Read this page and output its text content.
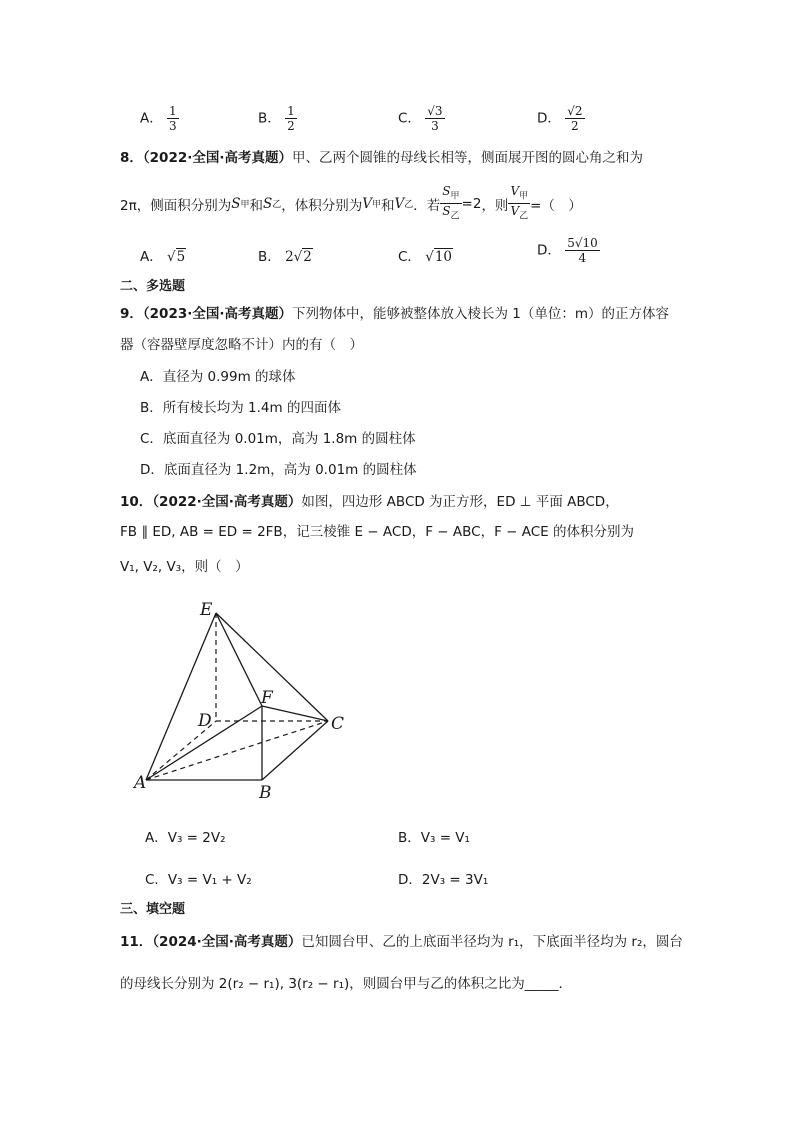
A． $\frac{1}{3}$	B． $\frac{1}{2}$	C． $\frac{√3}{3}$	D． $\frac{√2}{2}$
8．（2022·全国·高考真题）甲、乙两个圆锥的母线长相等，侧面展开图的圆心角之和为
2π，侧面积分别为 S 甲 和 S 乙 ，体积分别为 V 甲 和 V 乙 ．若 $\frac{S_甲}{S_乙} =2$ ，则 $\frac{V_甲}{V_乙}$ =（　）
A． √5	B． 2√2	C． √10	D． $\frac{5√10}{4}$
二、多选题
9．（2023·全国·高考真题）下列物体中，能够被整体放入棱长为 1（单位：m）的正方体容
器（容器壁厚度忽略不计）内的有（　）
A．直径为 0.99m 的球体
B．所有棱长均为 1.4m 的四面体
C．底面直径为 0.01m，高为 1.8m 的圆柱体
D．底面直径为 1.2m，高为 0.01m 的圆柱体
10．（2022·全国·高考真题）如图，四边形 ABCD 为正方形，ED ⊥ 平面 ABCD，
FB ∥ ED, AB = ED = 2FB，记三棱锥 E − ACD，F − ABC，F − ACE 的体积分别为
V₁, V₂, V₃，则（　）
E
F
D	C
A	B
A．V₃ = 2V₂	B．V₃ = V₁
C．V₃ = V₁ + V₂	D．2V₃ = 3V₁
三、填空题
11．（2024·全国·高考真题）已知圆台甲、乙的上底面半径均为 r₁，下底面半径均为 r₂，圆台
的母线长分别为 2(r₂ − r₁), 3(r₂ − r₁)，则圆台甲与乙的体积之比为_____．
